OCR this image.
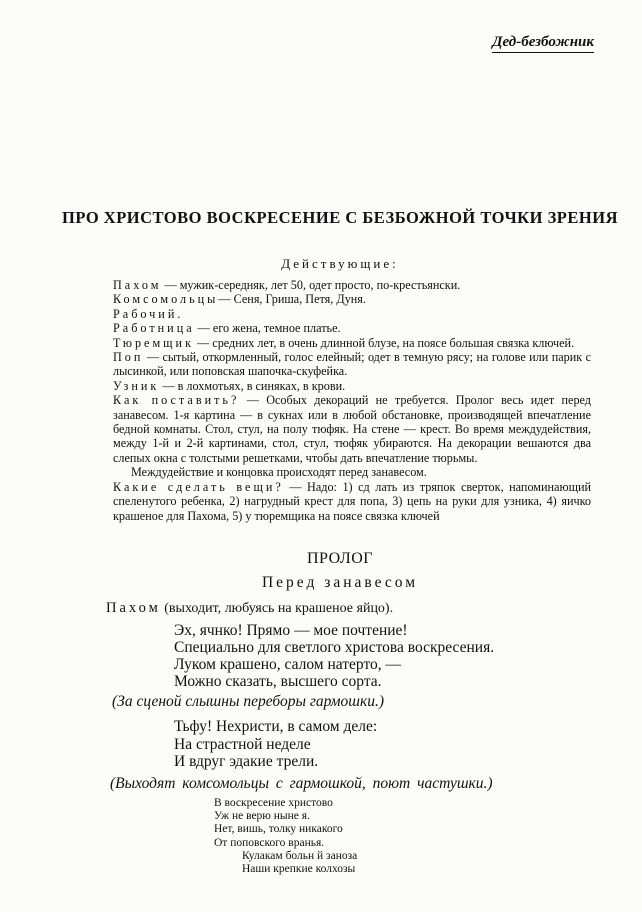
Дед-безбожник
ПРО ХРИСТОВО ВОСКРЕСЕНИЕ С БЕЗБОЖНОЙ ТОЧКИ ЗРЕНИЯ
Действующие:

Пахом — мужик-середняк, лет 50, одет просто, по-крестьянски.

Комсомольцы— Сеня, Гриша, Петя, Дуня.

Рабочий.

Работница — его жена, темное платье.

Тюремщик — средних лет, в очень длинной блузе, на поясе большая связка ключей.

Поп — сытый, откормленный, голос елейный; одет в темную рясу; на голове или парик с лысинкой, или поповская шапочка-скуфейка.

Узник — в лохмотьях, в синяках, в крови.

Как поставить? — Особых декораций не требуется. Пролог весь идет перед занавесом. 1-я картина — в сукнах или в любой обстановке, производящей впечатление бедной комнаты. Стол, стул, на полу тюфяк. На стене — крест. Во время междудействия, между 1-й и 2-й картинами, стол, стул, тюфяк убираются. На декорации вешаются два слепых окна с толстыми решетками, чтобы дать впечатление тюрьмы.

Междудействие и концовка происходят перед занавесом.

Какие сделать вещи? — Надо: 1) сд лать из тряпок сверток, напоминающий спеленутого ребенка, 2) нагрудный крест для попа, 3) цепь на руки для узника, 4) яичко крашеное для Пахома, 5) у тюремщика на поясе связка ключей

ПРОЛОГ
Перед занавесом
Пахом (выходит, любуясь на крашеное яйцо).
Эх, ячнко! Прямо — мое почтение!
Специально для светлого христова воскресения.
Луком крашено, салом натерто, —
Можно сказать, высшего сорта.
(За сценой слышны переборы гармошки.)
Тьфу! Нехристи, в самом деле:
На страстной неделе
И вдруг эдакие трели.
(Выходят комсомольцы с гармошкой, поют частушки.)
В воскресение христово
Уж не верю ныне я.
Нет, вишь, толку никакого
От поповского вранья.
Кулакам больн й заноза
Наши крепкие колхозы
